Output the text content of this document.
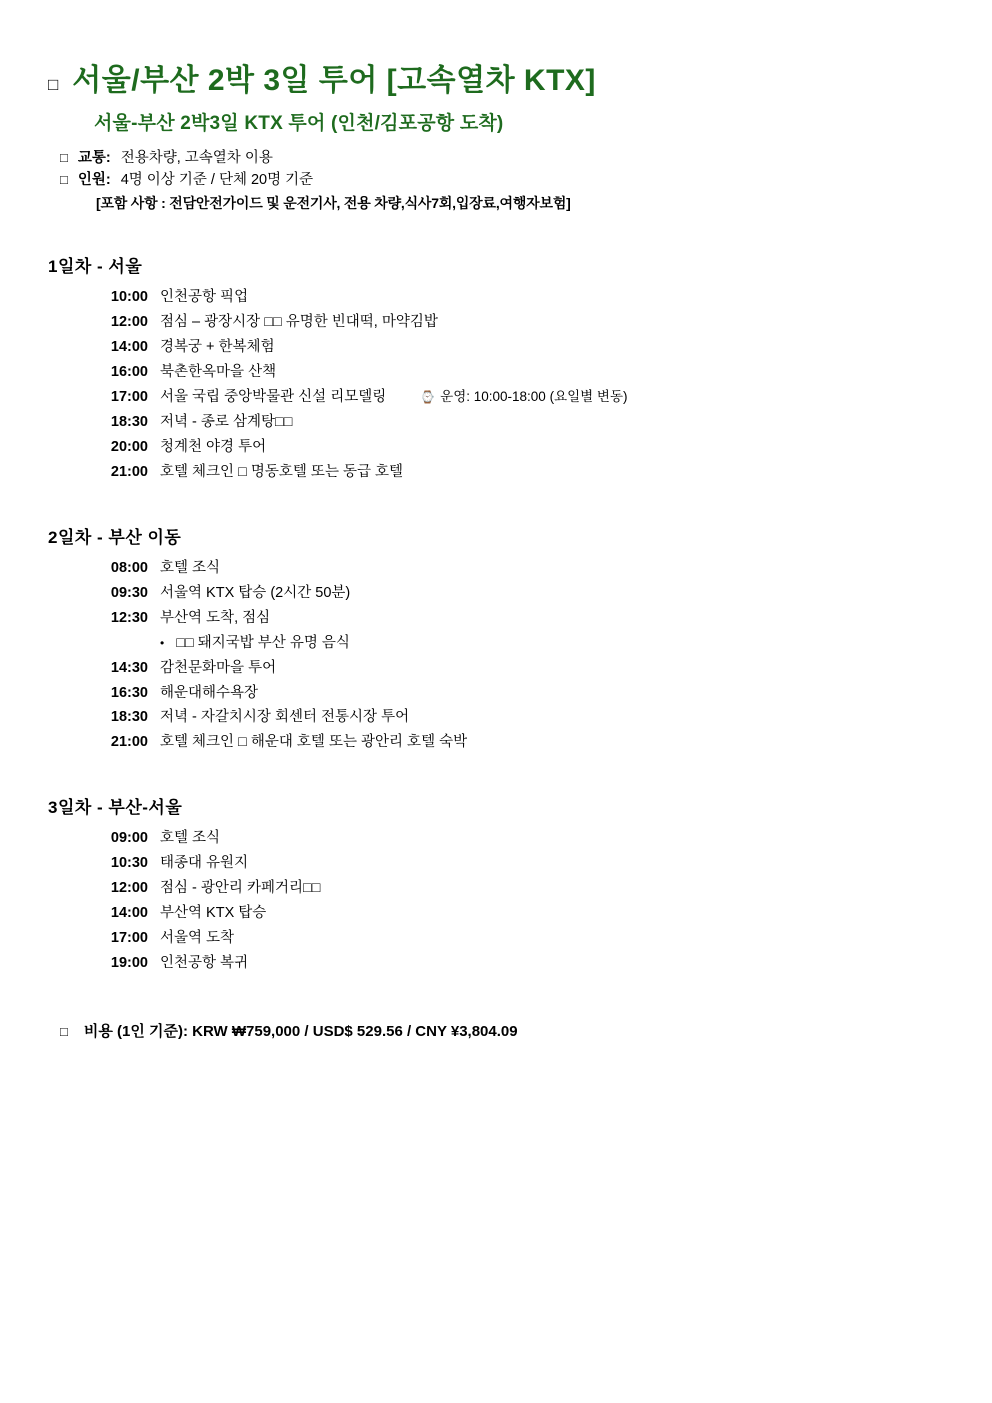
□ 서울/부산 2박 3일 투어 [고속열차 KTX]
서울-부산 2박3일 KTX 투어 (인천/김포공항 도착)
□ 교통: 전용차량, 고속열차 이용
□ 인원: 4명 이상 기준 / 단체 20명 기준
[포함 사항 : 전담안전가이드 및 운전기사, 전용 차량,식사7회,입장료,여행자보험]
1일차 - 서울
10:00 인천공항 픽업
12:00 점심 – 광장시장 □□ 유명한 빈대떡, 마약김밥
14:00 경복궁 + 한복체험
16:00 북촌한옥마을 산책
17:00 서울 국립 중앙박물관 신설 리모델링	⌚ 운영: 10:00-18:00 (요일별 변동)
18:30 저녁 - 종로 삼계탕□□
20:00 청계천 야경 투어
21:00 호텔 체크인 □ 명동호텔 또는 동급 호텔
2일차 - 부산 이동
08:00 호텔 조식
09:30 서울역 KTX 탑승 (2시간 50분)
12:30 부산역 도착, 점심
• □□ 돼지국밥 부산 유명 음식
14:30 감천문화마을 투어
16:30 해운대해수욕장
18:30 저녁 - 자갈치시장 회센터 전통시장 투어
21:00 호텔 체크인 □ 해운대 호텔 또는 광안리 호텔 숙박
3일차 - 부산-서울
09:00 호텔 조식
10:30 태종대 유원지
12:00 점심 - 광안리 카페거리□□
14:00 부산역 KTX 탑승
17:00 서울역 도착
19:00 인천공항 복귀
□ 비용 (1인 기준): KRW ₩759,000 / USD$ 529.56 / CNY ¥3,804.09
